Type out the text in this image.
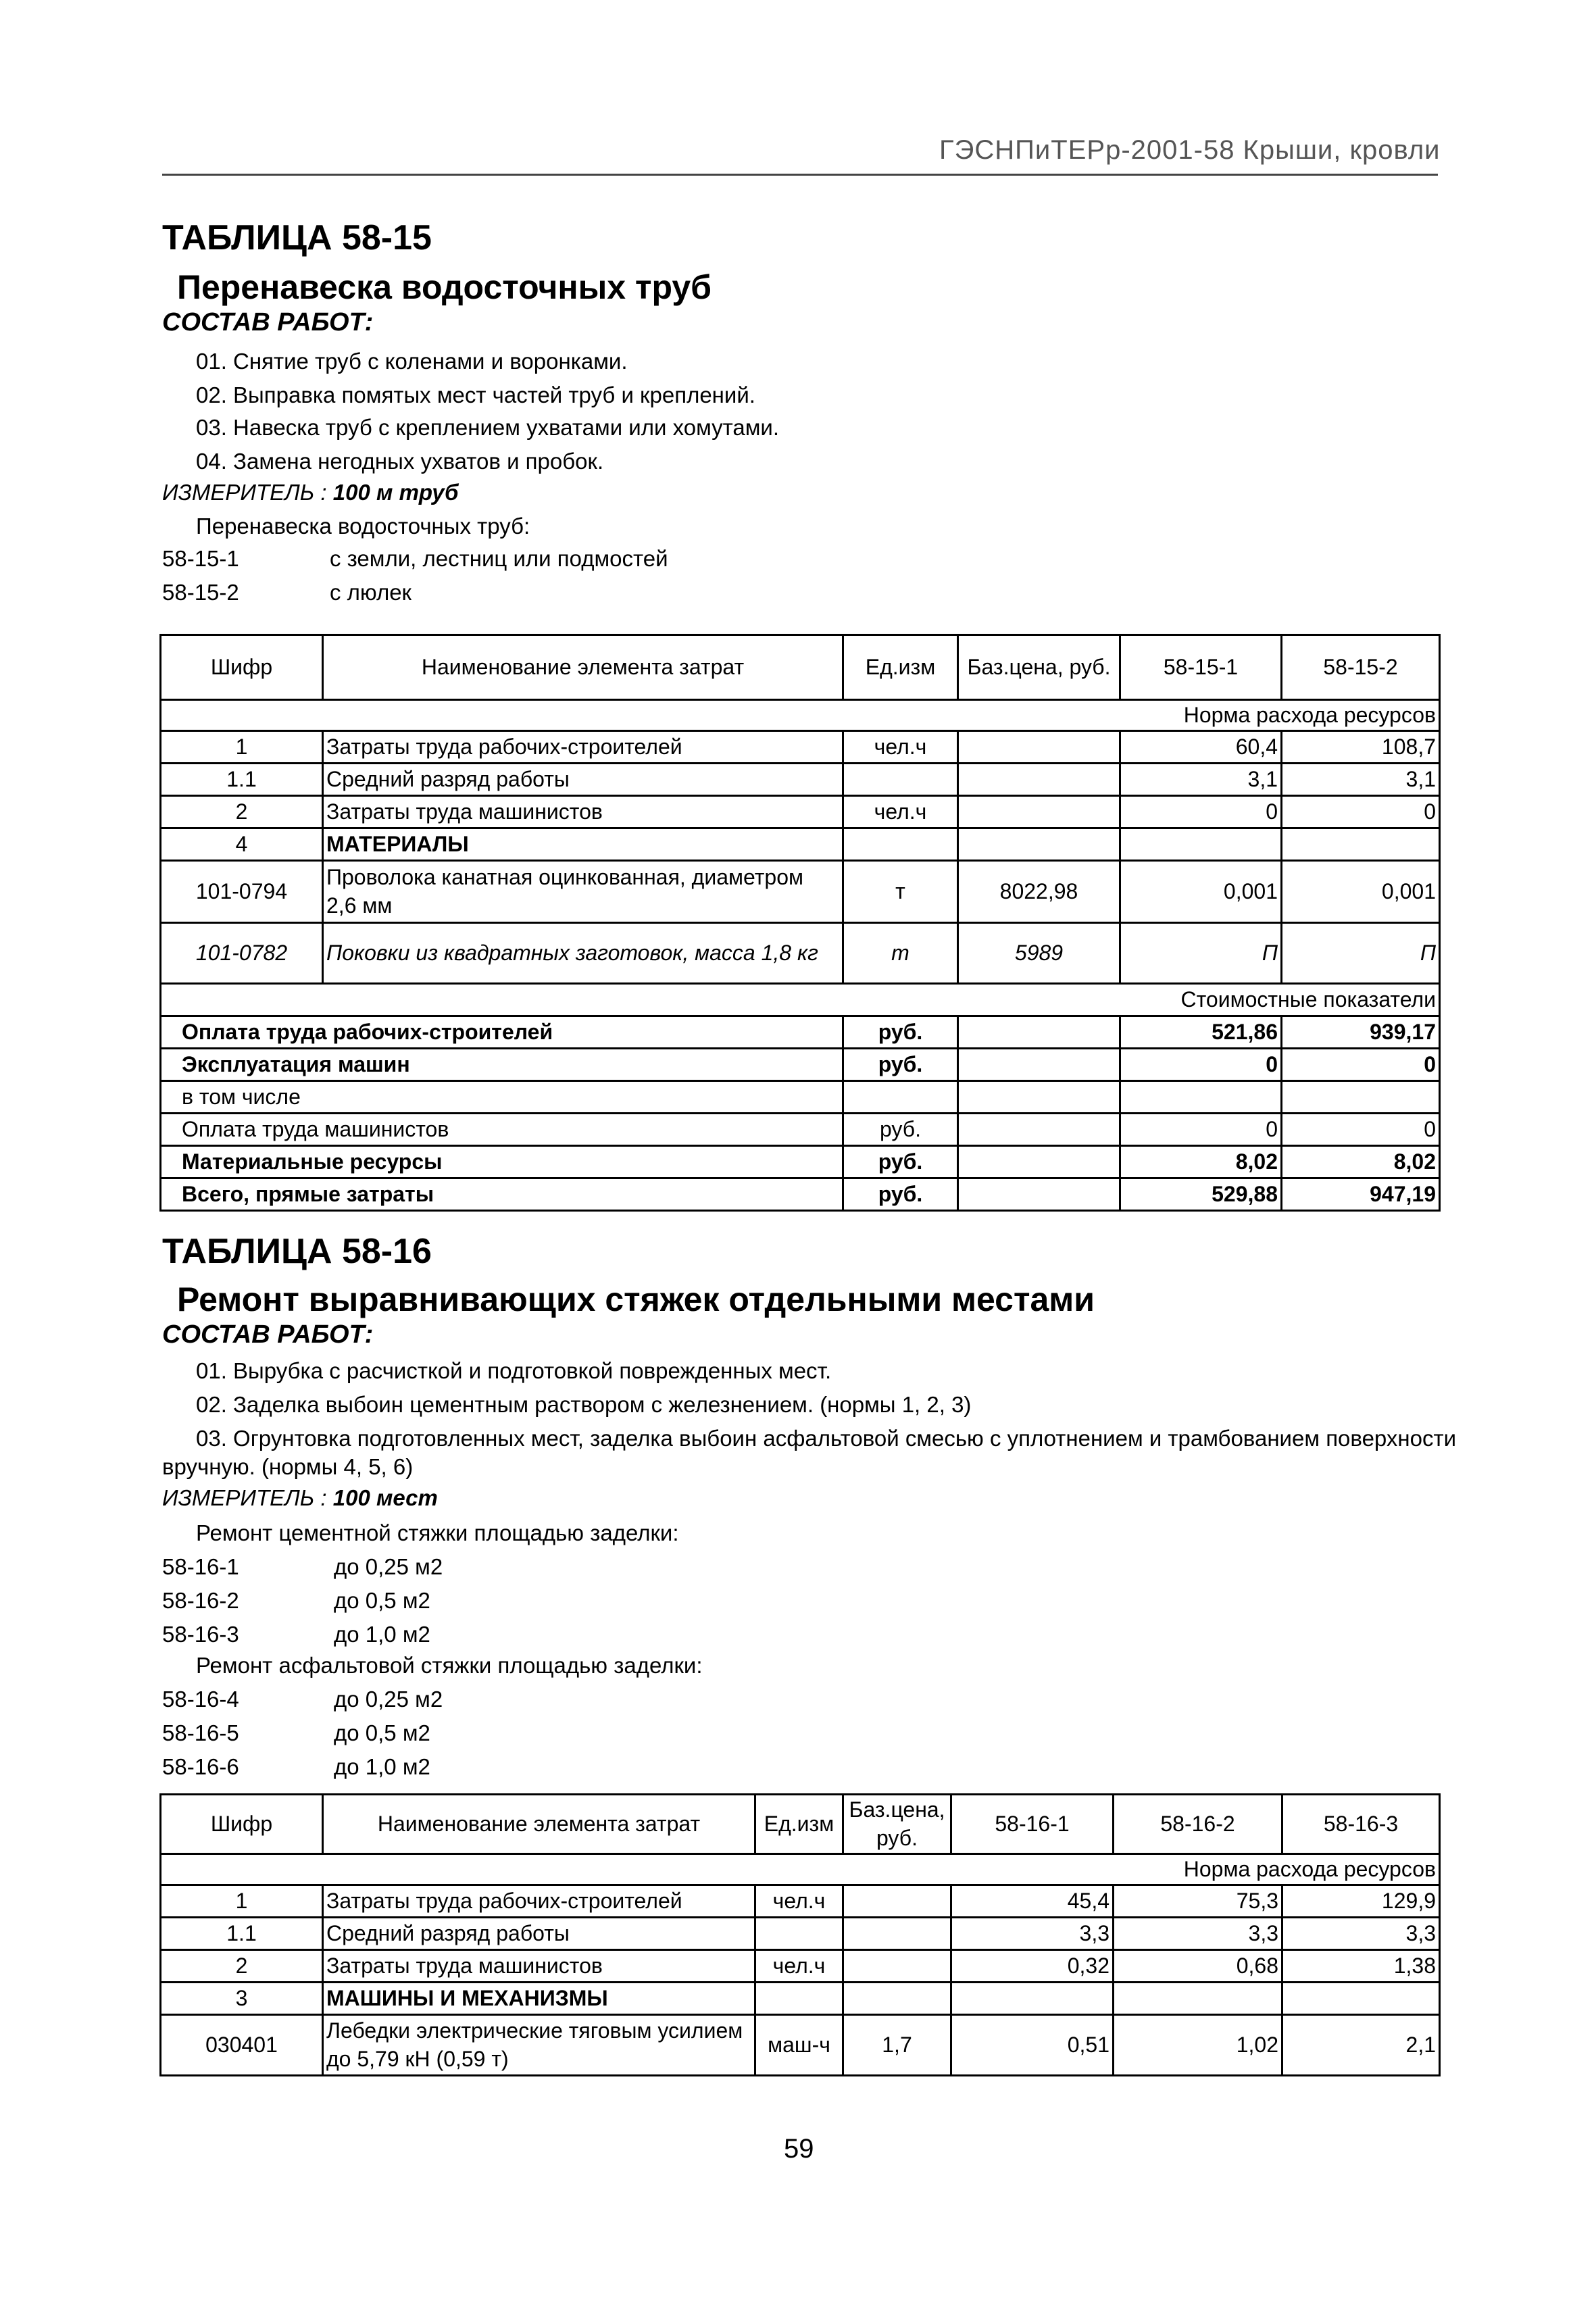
ГЭСНПиТЕРр-2001-58 Крыши, кровли
ТАБЛИЦА 58-15
Перенавеска водосточных труб
СОСТАВ РАБОТ:
01. Снятие труб с коленами и воронками.
02. Выправка помятых мест частей труб и креплений.
03. Навеска труб с креплением ухватами или хомутами.
04. Замена негодных ухватов и пробок.
ИЗМЕРИТЕЛЬ : 100 м труб
Перенавеска водосточных труб:
58-15-1	с земли, лестниц или подмостей
58-15-2	с люлек
Шифр	Наименование элемента затрат	Ед.изм	Баз.цена, руб.	58-15-1	58-15-2
Норма расхода ресурсов					
1	Затраты труда рабочих-строителей	чел.ч		60,4	108,7
1.1	Средний разряд работы			3,1	3,1
2	Затраты труда машинистов	чел.ч		0	0
4	МАТЕРИАЛЫ				
101-0794	Проволока канатная оцинкованная, диаметром 2,6 мм	т	8022,98	0,001	0,001
101-0782	Поковки из квадратных заготовок, масса 1,8 кг	т	5989	П	П
Стоимостные показатели					
Оплата труда рабочих-строителей		руб.		521,86	939,17
Эксплуатация машин		руб.		0	0
в том числе					
Оплата труда машинистов		руб.		0	0
Материальные ресурсы		руб.		8,02	8,02
Всего, прямые затраты		руб.		529,88	947,19
ТАБЛИЦА 58-16
Ремонт выравнивающих стяжек отдельными местами
СОСТАВ РАБОТ:
01. Вырубка с расчисткой и подготовкой поврежденных мест.
02. Заделка выбоин цементным раствором с железнением. (нормы 1, 2, 3)
03. Огрунтовка подготовленных мест, заделка выбоин асфальтовой смесью с уплотнением и трамбованием поверхности
вручную. (нормы 4, 5, 6)
ИЗМЕРИТЕЛЬ : 100 мест
Ремонт цементной стяжки площадью заделки:
58-16-1	до 0,25 м2
58-16-2	до 0,5 м2
58-16-3	до 1,0 м2
Ремонт асфальтовой стяжки площадью заделки:
58-16-4	до 0,25 м2
58-16-5	до 0,5 м2
58-16-6	до 1,0 м2
Шифр	Наименование элемента затрат	Ед.изм	Баз.цена, руб.	58-16-1	58-16-2	58-16-3
Норма расхода ресурсов						
1	Затраты труда рабочих-строителей	чел.ч		45,4	75,3	129,9
1.1	Средний разряд работы			3,3	3,3	3,3
2	Затраты труда машинистов	чел.ч		0,32	0,68	1,38
3	МАШИНЫ И МЕХАНИЗМЫ					
030401	Лебедки электрические тяговым усилием до 5,79 кН (0,59 т)	маш-ч	1,7	0,51	1,02	2,1
59
